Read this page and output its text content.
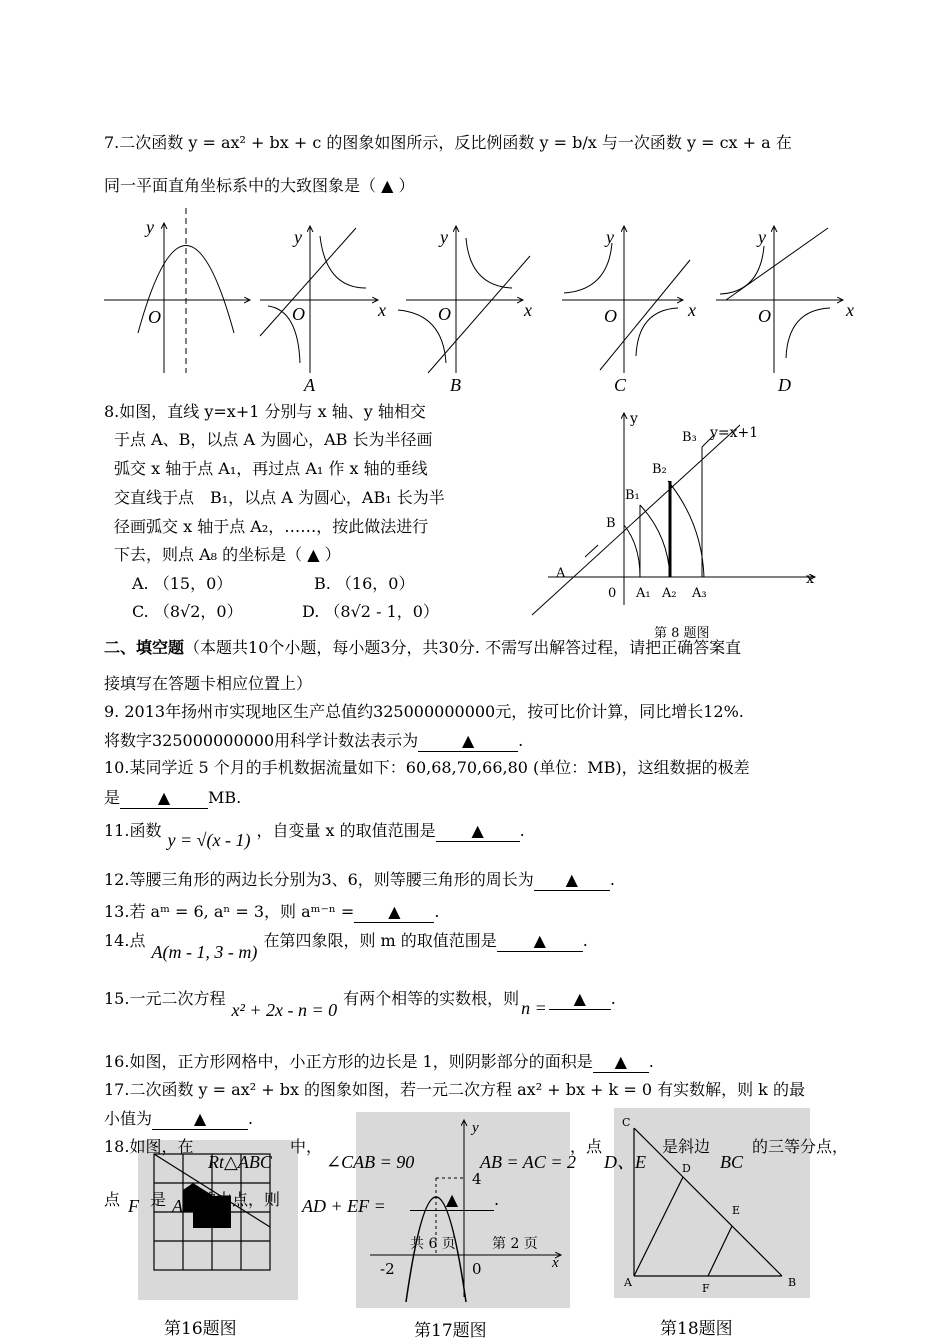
7.二次函数 y = ax² + bx + c 的图象如图所示，反比例函数 y = b/x 与一次函数 y = cx + a 在
同一平面直角坐标系中的大致图象是（ ▲ ）
y
O
y
x
O
A
y
x
O
B
y
x
O
C
y
x
O
D
8.如图，直线 y=x+1 分别与 x 轴、y 轴相交
于点 A、B，以点 A 为圆心，AB 长为半径画
弧交 x 轴于点 A₁，再过点 A₁ 作 x 轴的垂线
交直线于点　B₁，以点 A 为圆心，AB₁ 长为半
径画弧交 x 轴于点 A₂，……，按此做法进行
下去，则点 A₈ 的坐标是（ ▲ ）
A. （15，0）	B. （16，0）
C. （8√2，0）	D. （8√2 - 1，0）
y
x
y=x+1
B₃
B₂
B₁
B
A
0 A₁ A₂ A₃
第 8 题图
二、填空题（本题共10个小题，每小题3分，共30分. 不需写出解答过程，请把正确答案直
接填写在答题卡相应位置上）
9. 2013年扬州市实现地区生产总值约325000000000元，按可比价计算，同比增长12%.
将数字325000000000用科学计数法表示为	▲	.
10.某同学近 5 个月的手机数据流量如下：60,68,70,66,80 (单位：MB)，这组数据的极差
是 ▲ MB.
11.函数 y = √(x - 1) ，自变量 x 的取值范围是 ▲ .
12.等腰三角形的两边长分别为3、6，则等腰三角形的周长为 ▲ .
13.若 aᵐ = 6, aⁿ = 3，则 aᵐ⁻ⁿ = ▲ .
14.点A(m - 1, 3 - m)在第四象限，则 m 的取值范围是 ▲ .
15.一元二次方程x² + 2x - n = 0有两个相等的实数根，则 n = ▲ .
16.如图，正方形网格中，小正方形的边长是 1，则阴影部分的面积是 ▲ .
17.二次函数 y = ax² + bx 的图象如图，若一元二次方程 ax² + bx + k = 0 有实数解，则 k 的最
小值为	▲	.	y
x
4
-2	0
共 6 页	第 2 页
C
D
E
A	F	B
18.如图，在
Rt△ABC
中，
∠CAB = 90	AB = AC = 2
，点
D、E
是斜边
BC
的三等分点，
点 F 是 AB 的中点，则 AD + EF =	▲ .
第16题图	第17题图	第18题图
